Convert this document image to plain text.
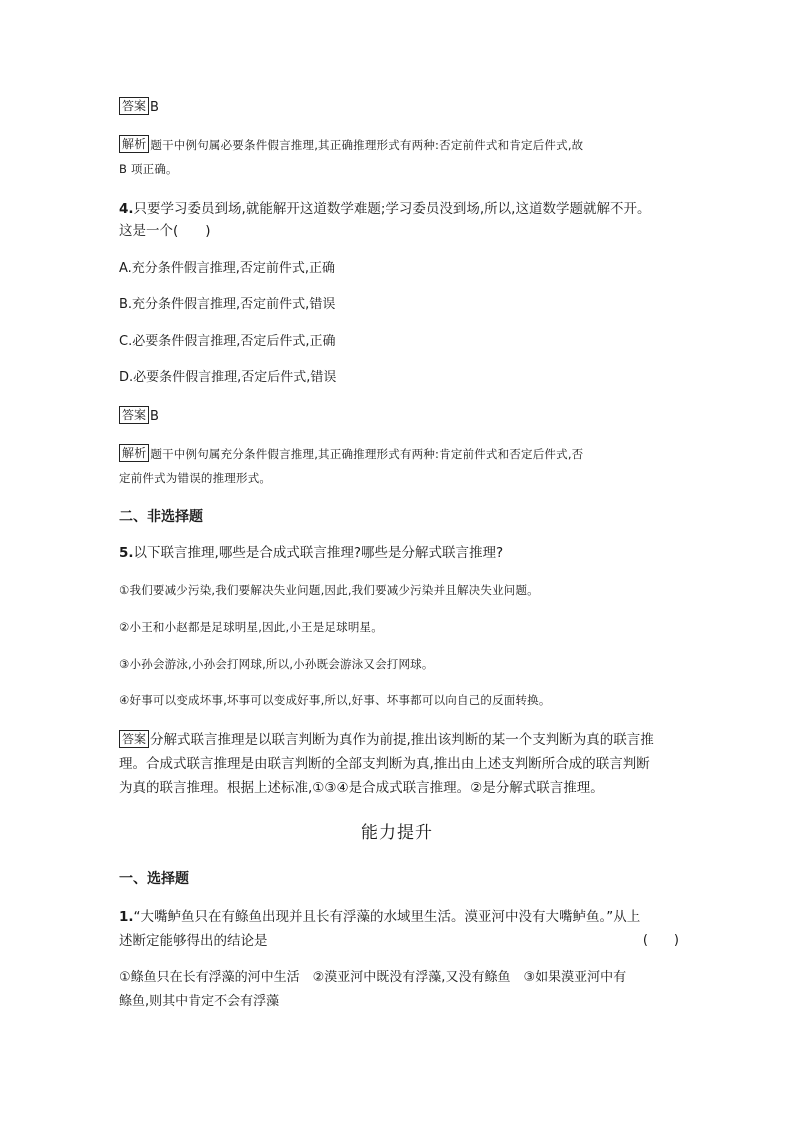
答案 B
解析 题干中例句属必要条件假言推理,其正确推理形式有两种:否定前件式和肯定后件式,故
B 项正确。
4.只要学习委员到场,就能解开这道数学难题;学习委员没到场,所以,这道数学题就解不开。
这是一个(　　)
A.充分条件假言推理,否定前件式,正确
B.充分条件假言推理,否定前件式,错误
C.必要条件假言推理,否定后件式,正确
D.必要条件假言推理,否定后件式,错误
答案 B
解析 题干中例句属充分条件假言推理,其正确推理形式有两种:肯定前件式和否定后件式,否
定前件式为错误的推理形式。
二、非选择题
5.以下联言推理,哪些是合成式联言推理?哪些是分解式联言推理?
①我们要减少污染,我们要解决失业问题,因此,我们要减少污染并且解决失业问题。
②小王和小赵都是足球明星,因此,小王是足球明星。
③小孙会游泳,小孙会打网球,所以,小孙既会游泳又会打网球。
④好事可以变成坏事,坏事可以变成好事,所以,好事、坏事都可以向自己的反面转换。
答案 分解式联言推理是以联言判断为真作为前提,推出该判断的某一个支判断为真的联言推
理。合成式联言推理是由联言判断的全部支判断为真,推出由上述支判断所合成的联言判断
为真的联言推理。根据上述标准,①③④是合成式联言推理。②是分解式联言推理。
能力提升
一、选择题
1.“大嘴鲈鱼只在有鲦鱼出现并且长有浮藻的水域里生活。漠亚河中没有大嘴鲈鱼。”从上
述断定能够得出的结论是	(　　)
①鲦鱼只在长有浮藻的河中生活　②漠亚河中既没有浮藻,又没有鲦鱼　③如果漠亚河中有
鲦鱼,则其中肯定不会有浮藻
